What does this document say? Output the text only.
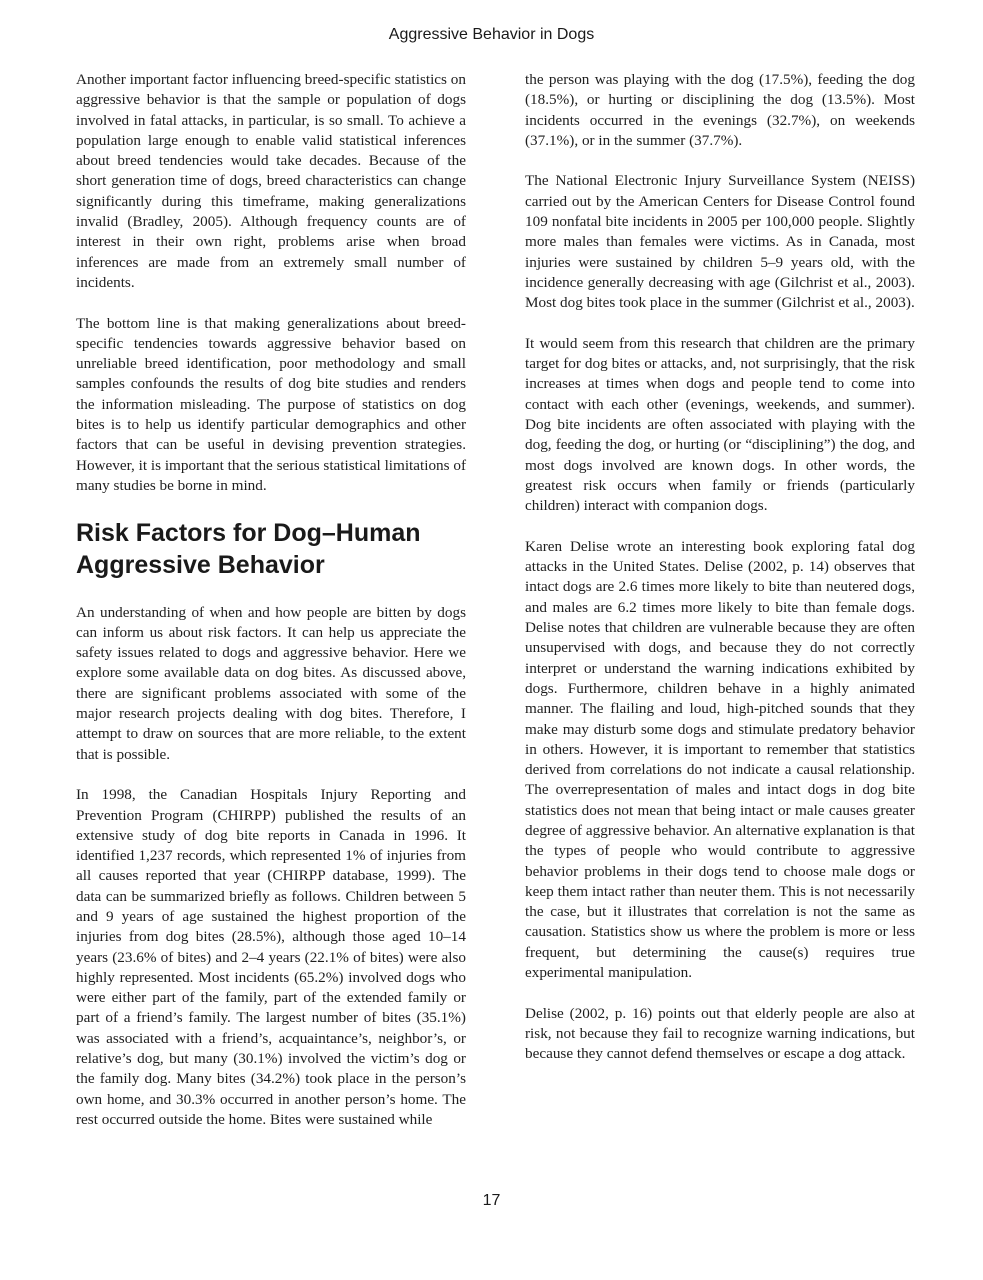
Aggressive Behavior in Dogs

Another important factor influencing breed-specific statistics on aggressive behavior is that the sample or population of dogs involved in fatal attacks, in particular, is so small. To achieve a population large enough to enable valid statistical inferences about breed tendencies would take decades. Because of the short generation time of dogs, breed characteristics can change significantly during this timeframe, making generalizations invalid (Bradley, 2005). Although frequency counts are of interest in their own right, problems arise when broad inferences are made from an extremely small number of incidents.

The bottom line is that making generalizations about breed-specific tendencies towards aggressive behavior based on unreliable breed identification, poor methodology and small samples confounds the results of dog bite studies and renders the information misleading. The purpose of statistics on dog bites is to help us identify particular demographics and other factors that can be useful in devising prevention strategies. However, it is important that the serious statistical limitations of many studies be borne in mind.

Risk Factors for Dog–Human Aggressive Behavior

An understanding of when and how people are bitten by dogs can inform us about risk factors. It can help us appreciate the safety issues related to dogs and aggressive behavior. Here we explore some available data on dog bites. As discussed above, there are significant problems associated with some of the major research projects dealing with dog bites. Therefore, I attempt to draw on sources that are more reliable, to the extent that is possible.

In 1998, the Canadian Hospitals Injury Reporting and Prevention Program (CHIRPP) published the results of an extensive study of dog bite reports in Canada in 1996. It identified 1,237 records, which represented 1% of injuries from all causes reported that year (CHIRPP database, 1999). The data can be summarized briefly as follows. Children between 5 and 9 years of age sustained the highest proportion of the injuries from dog bites (28.5%), although those aged 10–14 years (23.6% of bites) and 2–4 years (22.1% of bites) were also highly represented. Most incidents (65.2%) involved dogs who were either part of the family, part of the extended family or part of a friend’s family. The largest number of bites (35.1%) was associated with a friend’s, acquaintance’s, neighbor’s, or relative’s dog, but many (30.1%) involved the victim’s dog or the family dog. Many bites (34.2%) took place in the person’s own home, and 30.3% occurred in another person’s home. The rest occurred outside the home. Bites were sustained while

the person was playing with the dog (17.5%), feeding the dog (18.5%), or hurting or disciplining the dog (13.5%). Most incidents occurred in the evenings (32.7%), on weekends (37.1%), or in the summer (37.7%).

The National Electronic Injury Surveillance System (NEISS) carried out by the American Centers for Disease Control found 109 nonfatal bite incidents in 2005 per 100,000 people. Slightly more males than females were victims. As in Canada, most injuries were sustained by children 5–9 years old, with the incidence generally decreasing with age (Gilchrist et al., 2003). Most dog bites took place in the summer (Gilchrist et al., 2003).

It would seem from this research that children are the primary target for dog bites or attacks, and, not surprisingly, that the risk increases at times when dogs and people tend to come into contact with each other (evenings, weekends, and summer). Dog bite incidents are often associated with playing with the dog, feeding the dog, or hurting (or “disciplining”) the dog, and most dogs involved are known dogs. In other words, the greatest risk occurs when family or friends (particularly children) interact with companion dogs.

Karen Delise wrote an interesting book exploring fatal dog attacks in the United States. Delise (2002, p. 14) observes that intact dogs are 2.6 times more likely to bite than neutered dogs, and males are 6.2 times more likely to bite than female dogs. Delise notes that children are vulnerable because they are often unsupervised with dogs, and because they do not correctly interpret or understand the warning indications exhibited by dogs. Furthermore, children behave in a highly animated manner. The flailing and loud, high-pitched sounds that they make may disturb some dogs and stimulate predatory behavior in others. However, it is important to remember that statistics derived from correlations do not indicate a causal relationship. The overrepresentation of males and intact dogs in dog bite statistics does not mean that being intact or male causes greater degree of aggressive behavior. An alternative explanation is that the types of people who would contribute to aggressive behavior problems in their dogs tend to choose male dogs or keep them intact rather than neuter them. This is not necessarily the case, but it illustrates that correlation is not the same as causation. Statistics show us where the problem is more or less frequent, but determining the cause(s) requires true experimental manipulation.

Delise (2002, p. 16) points out that elderly people are also at risk, not because they fail to recognize warning indications, but because they cannot defend themselves or escape a dog attack.

17
